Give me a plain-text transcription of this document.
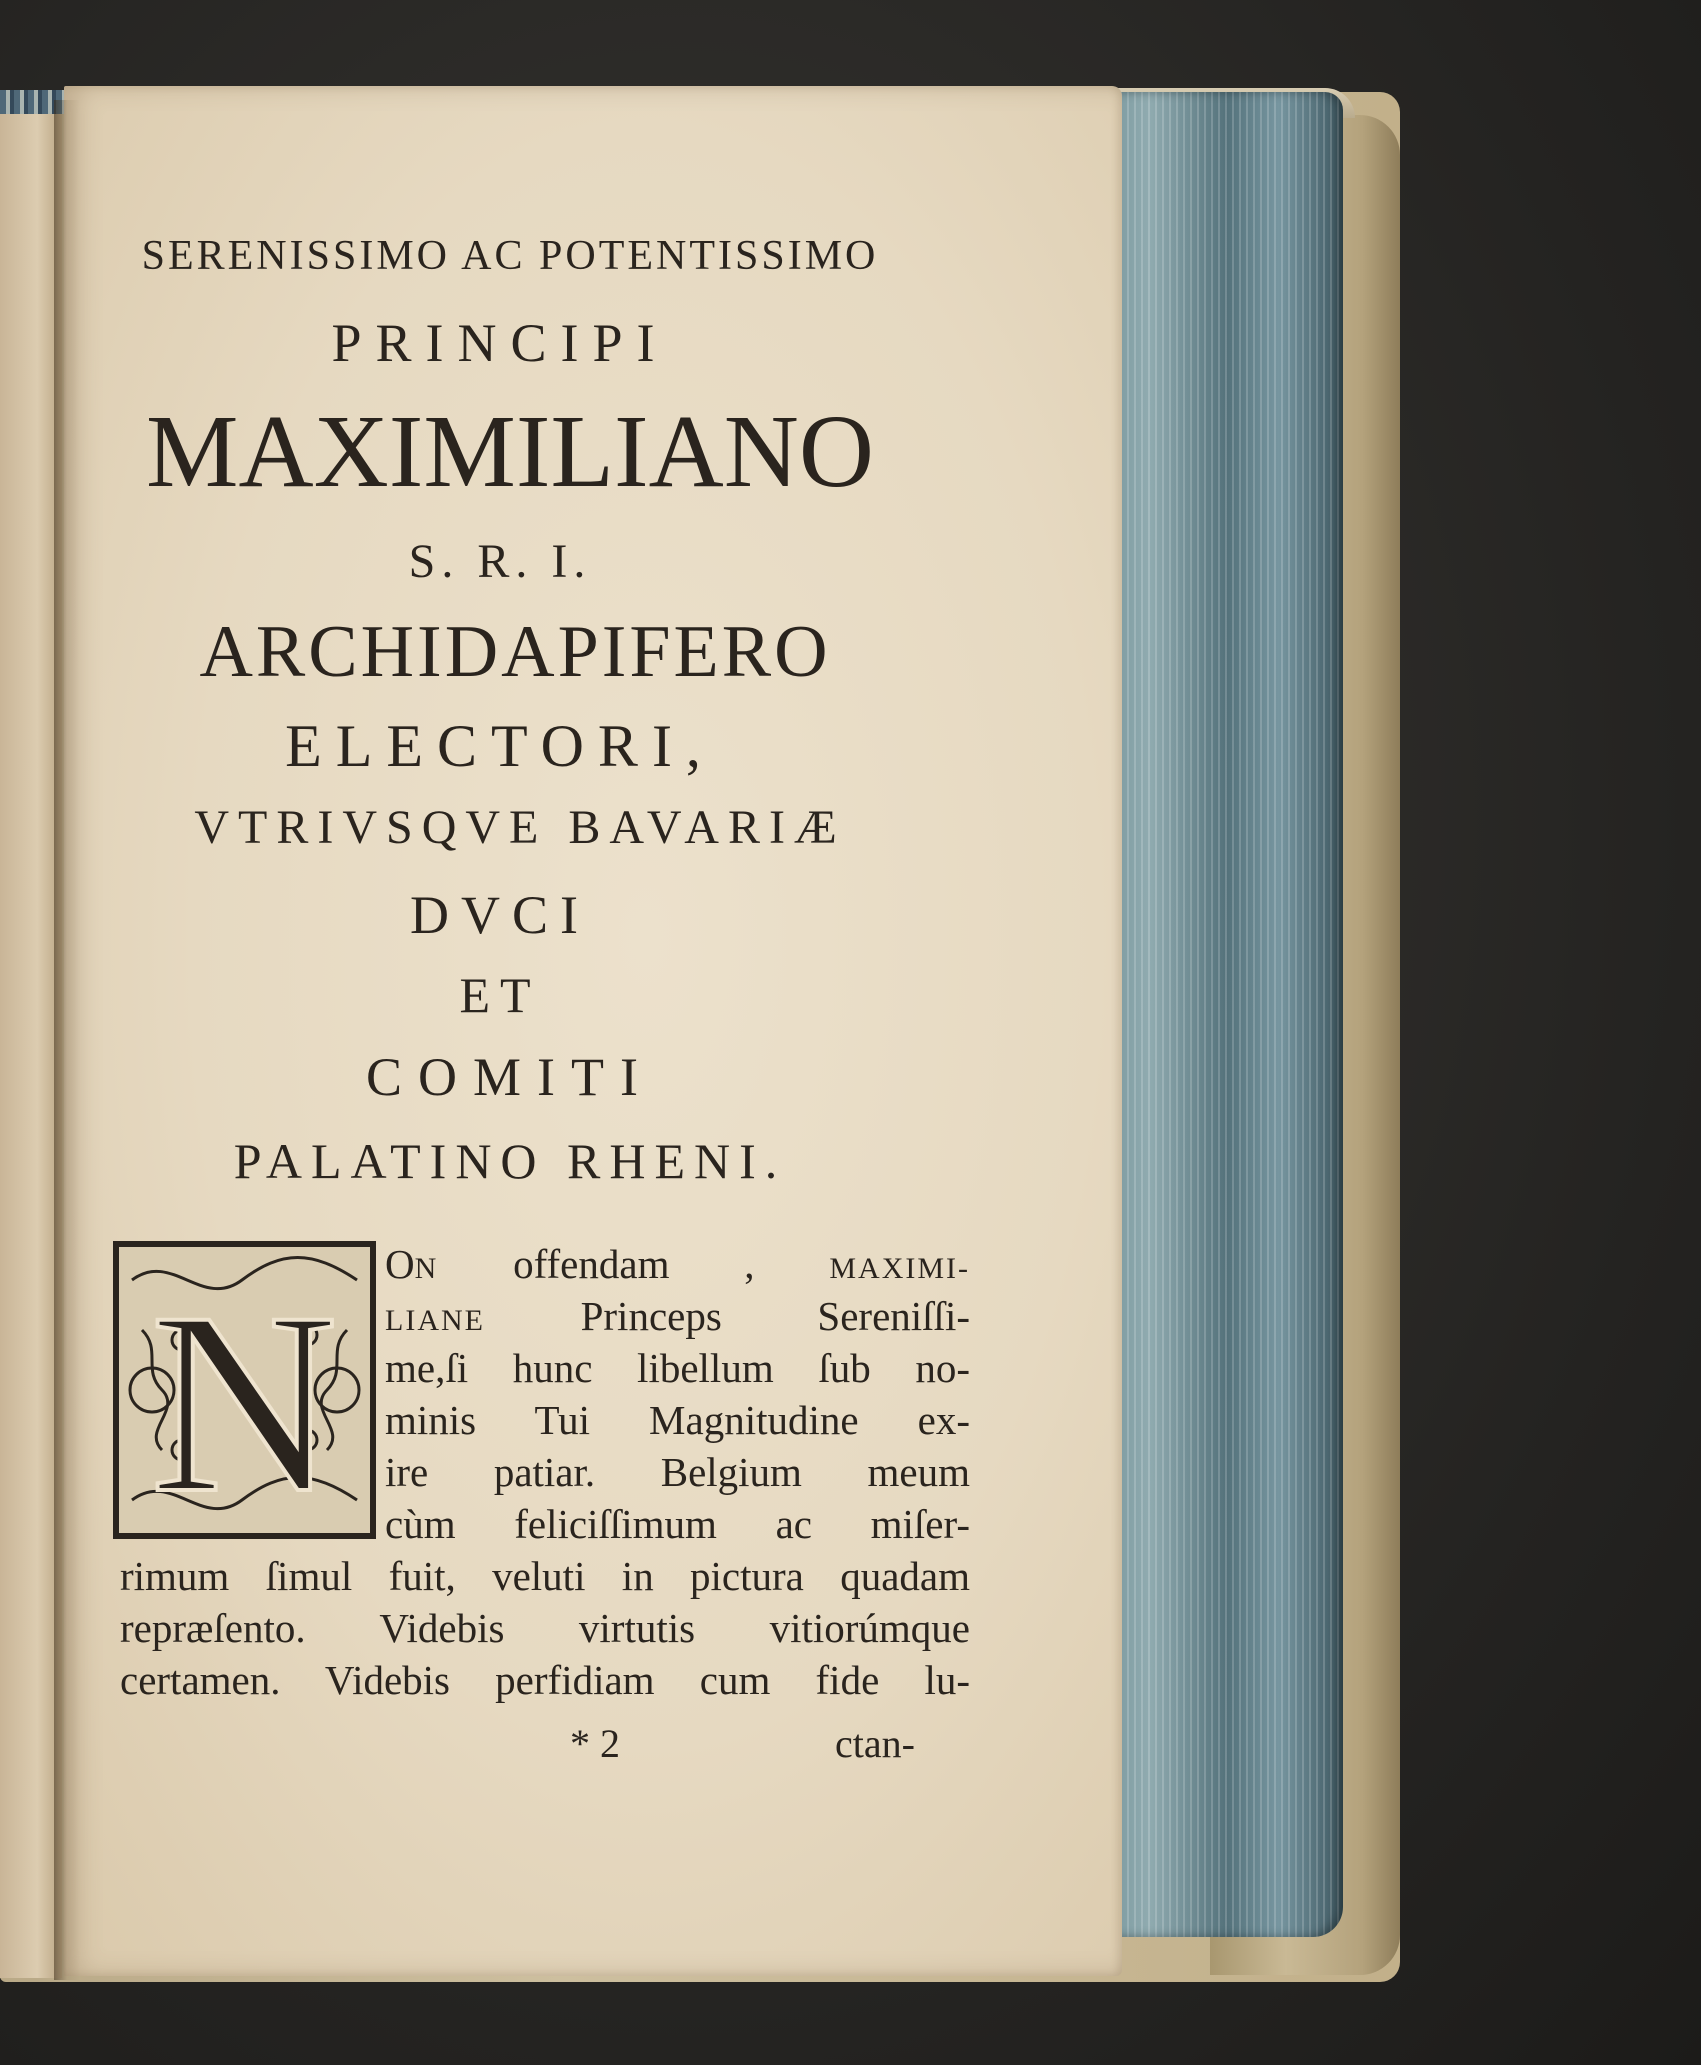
SERENISSIMO AC POTENTISSIMO
PRINCIPI
MAXIMILIANO
S. R. I.
ARCHIDAPIFERO
ELECTORI,
VTRIVSQVE BAVARIÆ
DVCI
ET
COMITI
PALATINO RHENI.
N ON offendam , MAXIMI-
LIANE Princeps Sereniſſi-
me,ſi hunc libellum ſub no-
minis Tui Magnitudine ex-
ire patiar. Belgium meum
cùm feliciſſimum ac miſer-
rimum ſimul fuit, veluti in pictura quadam
repræſento. Videbis virtutis vitiorúmque
certamen. Videbis perfidiam cum fide lu-
* 2	ctan-
